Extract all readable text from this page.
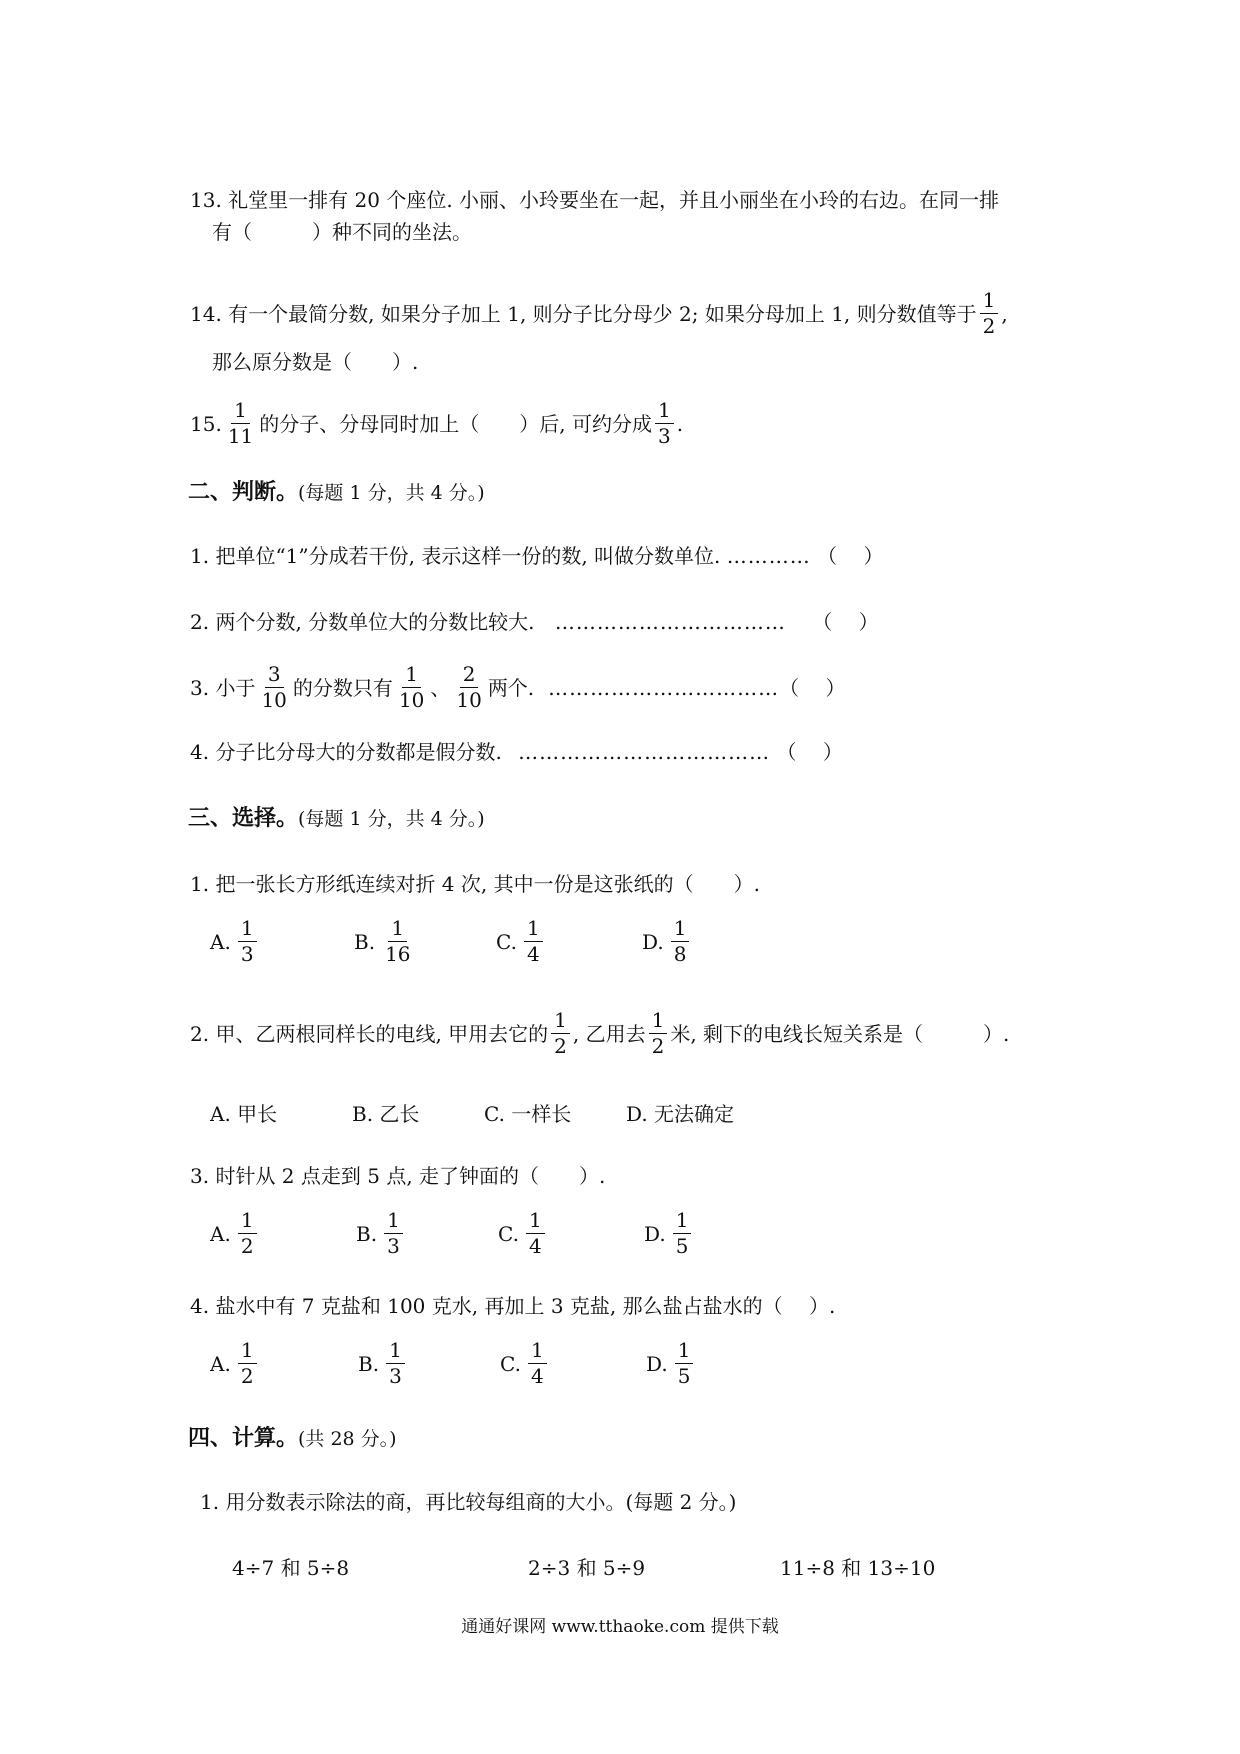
13. 礼堂里一排有 20 个座位. 小丽、小玲要坐在一起，并且小丽坐在小玲的右边。在同一排
有（　　　）种不同的坐法。
14. 有一个最简分数, 如果分子加上 1, 则分子比分母少 2; 如果分母加上 1, 则分数值等于 $\frac{1}{2}$ ,
那么原分数是（　　）.
15. $\frac{1}{11}$ 的分子、分母同时加上（　　）后, 可约分成 $\frac{1}{3}$ .
二、判断。(每题 1 分，共 4 分。)
1. 把单位“1”分成若干份, 表示这样一份的数, 叫做分数单位. ………… （　 ）
2. 两个分数, 分数单位大的分数比较大. …………………………… （　 ）
3. 小于 $\frac{3}{10}$ 的分数只有 $\frac{1}{10}$ 、 $\frac{2}{10}$ 两个. …………………………… （　 ）
4. 分子比分母大的分数都是假分数. ……………………………… （　 ）
三、选择。(每题 1 分，共 4 分。)
1. 把一张长方形纸连续对折 4 次, 其中一份是这张纸的（　　）.
A. $\frac{1}{3}$	B. $\frac{1}{16}$	C. $\frac{1}{4}$	D. $\frac{1}{8}$
2. 甲、乙两根同样长的电线, 甲用去它的 $\frac{1}{2}$ , 乙用去 $\frac{1}{2}$ 米, 剩下的电线长短关系是（　　　）.
A. 甲长	B. 乙长	C. 一样长	D. 无法确定
3. 时针从 2 点走到 5 点, 走了钟面的（　　）.
A. $\frac{1}{2}$	B. $\frac{1}{3}$	C. $\frac{1}{4}$	D. $\frac{1}{5}$
4. 盐水中有 7 克盐和 100 克水, 再加上 3 克盐, 那么盐占盐水的（　 ）.
A. $\frac{1}{2}$	B. $\frac{1}{3}$	C. $\frac{1}{4}$	D. $\frac{1}{5}$
四、计算。(共 28 分。)
1. 用分数表示除法的商，再比较每组商的大小。(每题 2 分。)
4÷7 和 5÷8	2÷3 和 5÷9	11÷8 和 13÷10
通通好课网 www.tthaoke.com 提供下载
